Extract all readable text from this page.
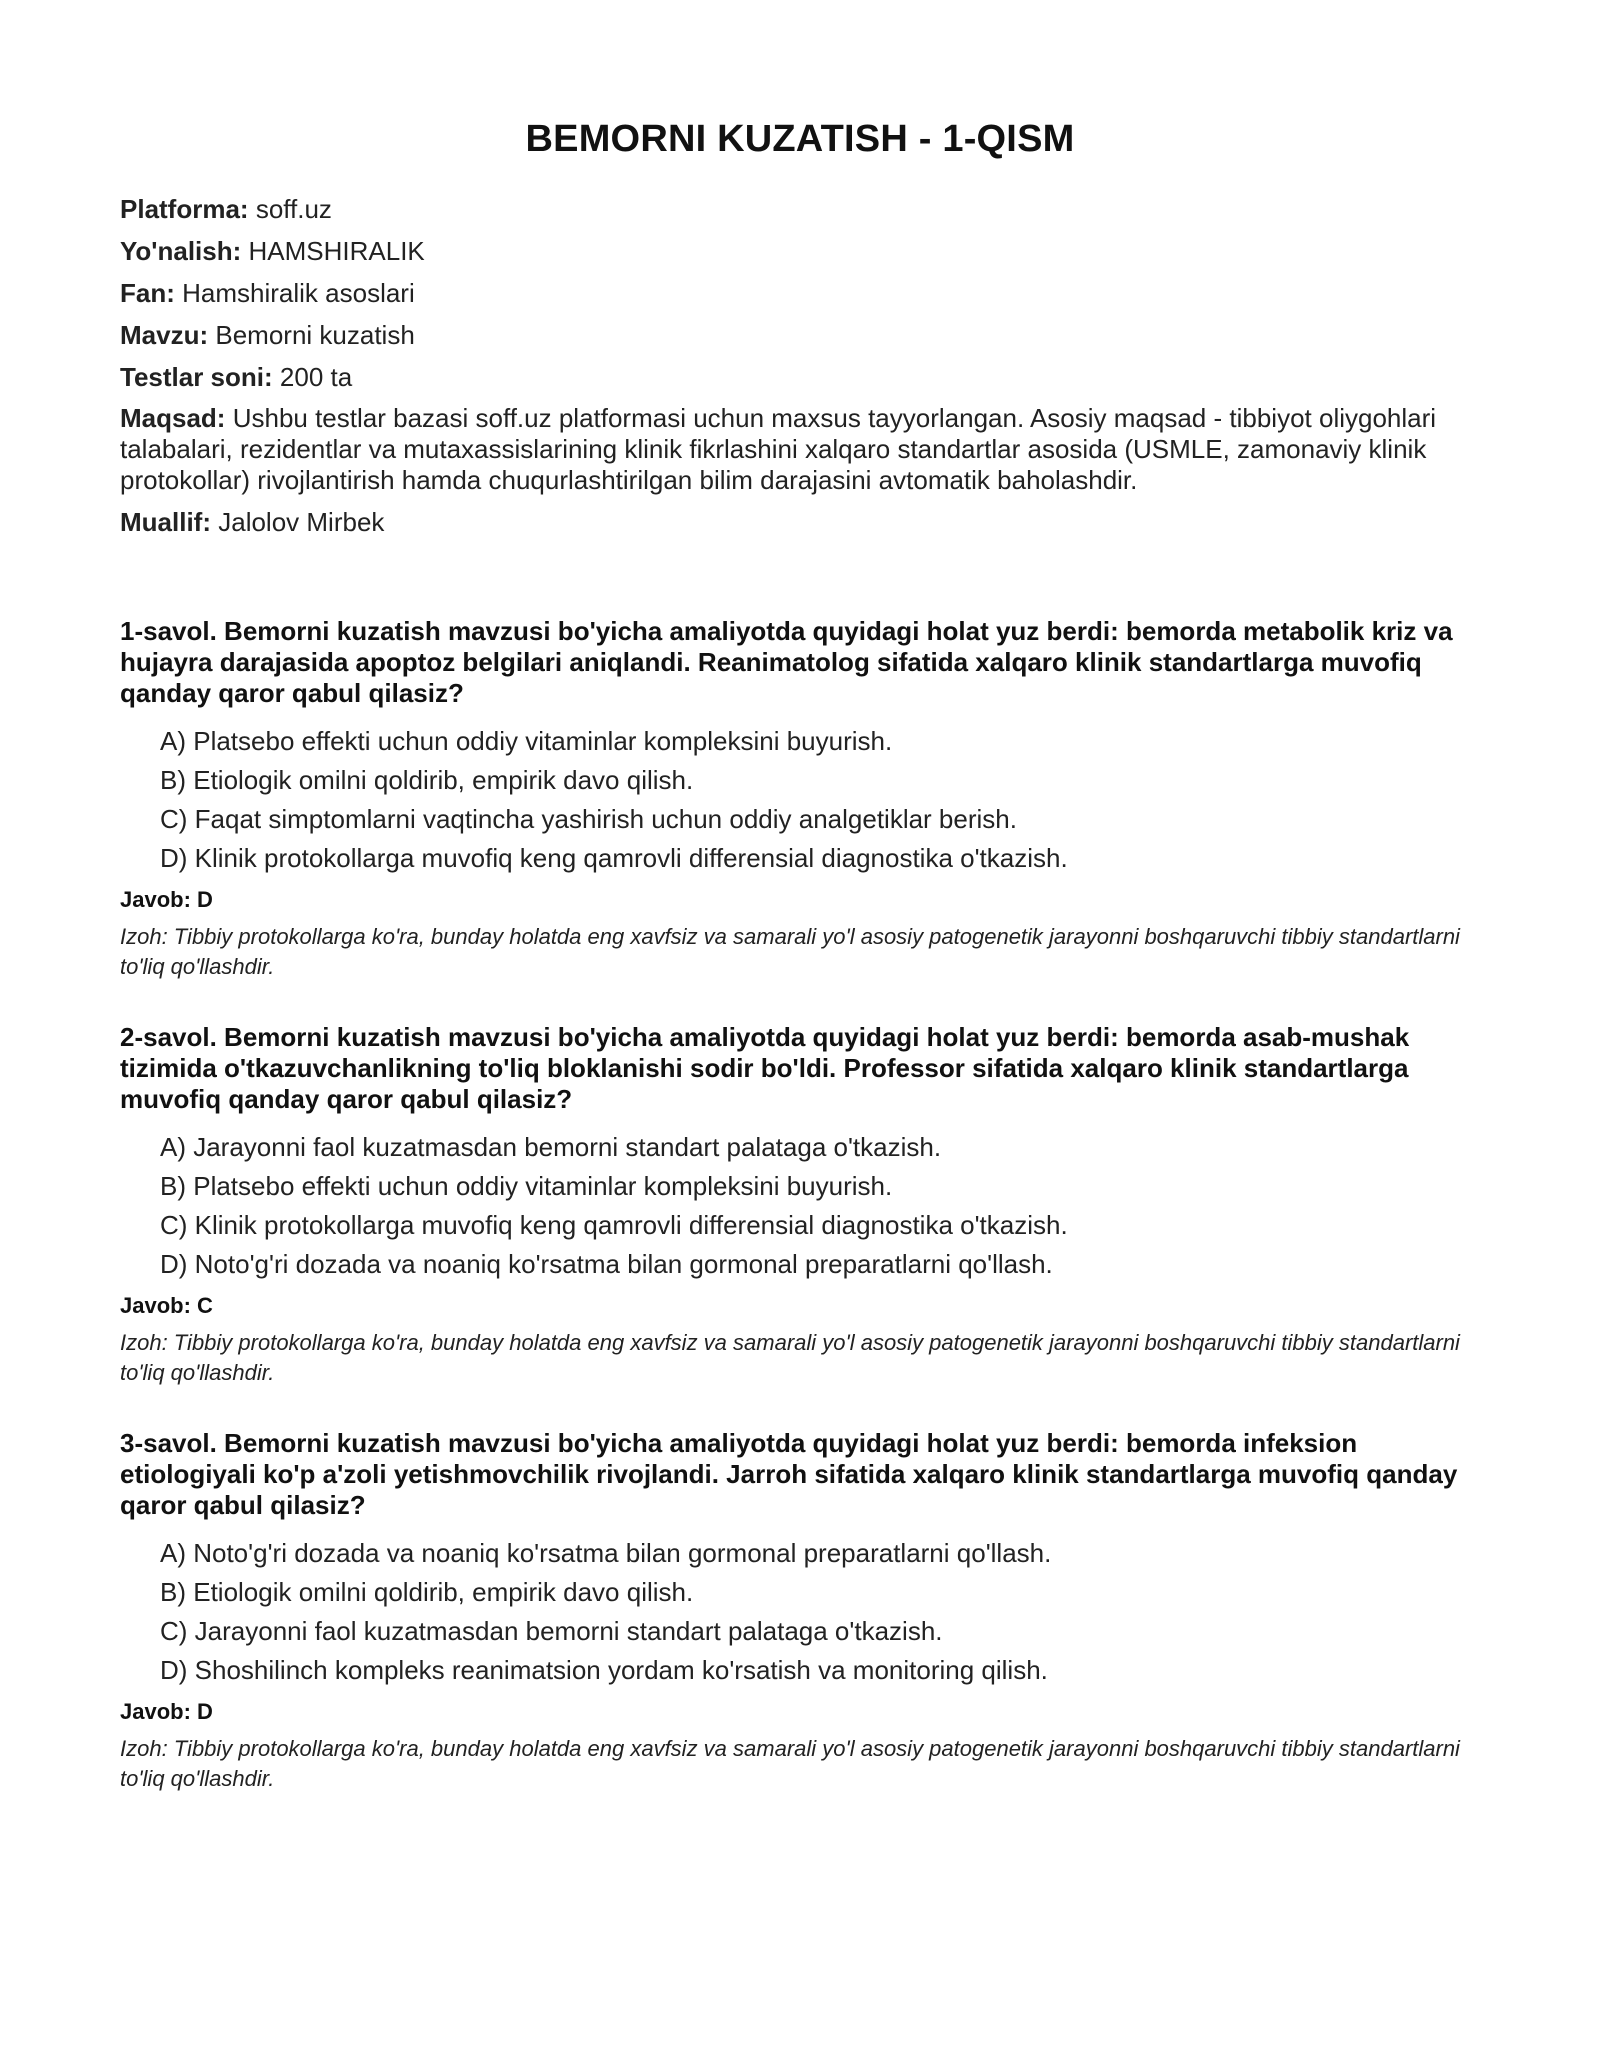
BEMORNI KUZATISH - 1-QISM

Platforma: soff.uz

Yo'nalish: HAMSHIRALIK

Fan: Hamshiralik asoslari

Mavzu: Bemorni kuzatish

Testlar soni: 200 ta

Maqsad: Ushbu testlar bazasi soff.uz platformasi uchun maxsus tayyorlangan. Asosiy maqsad - tibbiyot oliygohlari talabalari, rezidentlar va mutaxassislarining klinik fikrlashini xalqaro standartlar asosida (USMLE, zamonaviy klinik protokollar) rivojlantirish hamda chuqurlashtirilgan bilim darajasini avtomatik baholashdir.

Muallif: Jalolov Mirbek

1-savol. Bemorni kuzatish mavzusi bo'yicha amaliyotda quyidagi holat yuz berdi: bemorda metabolik kriz va hujayra darajasida apoptoz belgilari aniqlandi. Reanimatolog sifatida xalqaro klinik standartlarga muvofiq qanday qaror qabul qilasiz?

A) Platsebo effekti uchun oddiy vitaminlar kompleksini buyurish.
B) Etiologik omilni qoldirib, empirik davo qilish.
C) Faqat simptomlarni vaqtincha yashirish uchun oddiy analgetiklar berish.
D) Klinik protokollarga muvofiq keng qamrovli differensial diagnostika o'tkazish.

Javob: D

Izoh: Tibbiy protokollarga ko'ra, bunday holatda eng xavfsiz va samarali yo'l asosiy patogenetik jarayonni boshqaruvchi tibbiy standartlarni to'liq qo'llashdir.

2-savol. Bemorni kuzatish mavzusi bo'yicha amaliyotda quyidagi holat yuz berdi: bemorda asab-mushak tizimida o'tkazuvchanlikning to'liq bloklanishi sodir bo'ldi. Professor sifatida xalqaro klinik standartlarga muvofiq qanday qaror qabul qilasiz?

A) Jarayonni faol kuzatmasdan bemorni standart palataga o'tkazish.
B) Platsebo effekti uchun oddiy vitaminlar kompleksini buyurish.
C) Klinik protokollarga muvofiq keng qamrovli differensial diagnostika o'tkazish.
D) Noto'g'ri dozada va noaniq ko'rsatma bilan gormonal preparatlarni qo'llash.

Javob: C

Izoh: Tibbiy protokollarga ko'ra, bunday holatda eng xavfsiz va samarali yo'l asosiy patogenetik jarayonni boshqaruvchi tibbiy standartlarni to'liq qo'llashdir.

3-savol. Bemorni kuzatish mavzusi bo'yicha amaliyotda quyidagi holat yuz berdi: bemorda infeksion etiologiyali ko'p a'zoli yetishmovchilik rivojlandi. Jarroh sifatida xalqaro klinik standartlarga muvofiq qanday qaror qabul qilasiz?

A) Noto'g'ri dozada va noaniq ko'rsatma bilan gormonal preparatlarni qo'llash.
B) Etiologik omilni qoldirib, empirik davo qilish.
C) Jarayonni faol kuzatmasdan bemorni standart palataga o'tkazish.
D) Shoshilinch kompleks reanimatsion yordam ko'rsatish va monitoring qilish.

Javob: D

Izoh: Tibbiy protokollarga ko'ra, bunday holatda eng xavfsiz va samarali yo'l asosiy patogenetik jarayonni boshqaruvchi tibbiy standartlarni to'liq qo'llashdir.
